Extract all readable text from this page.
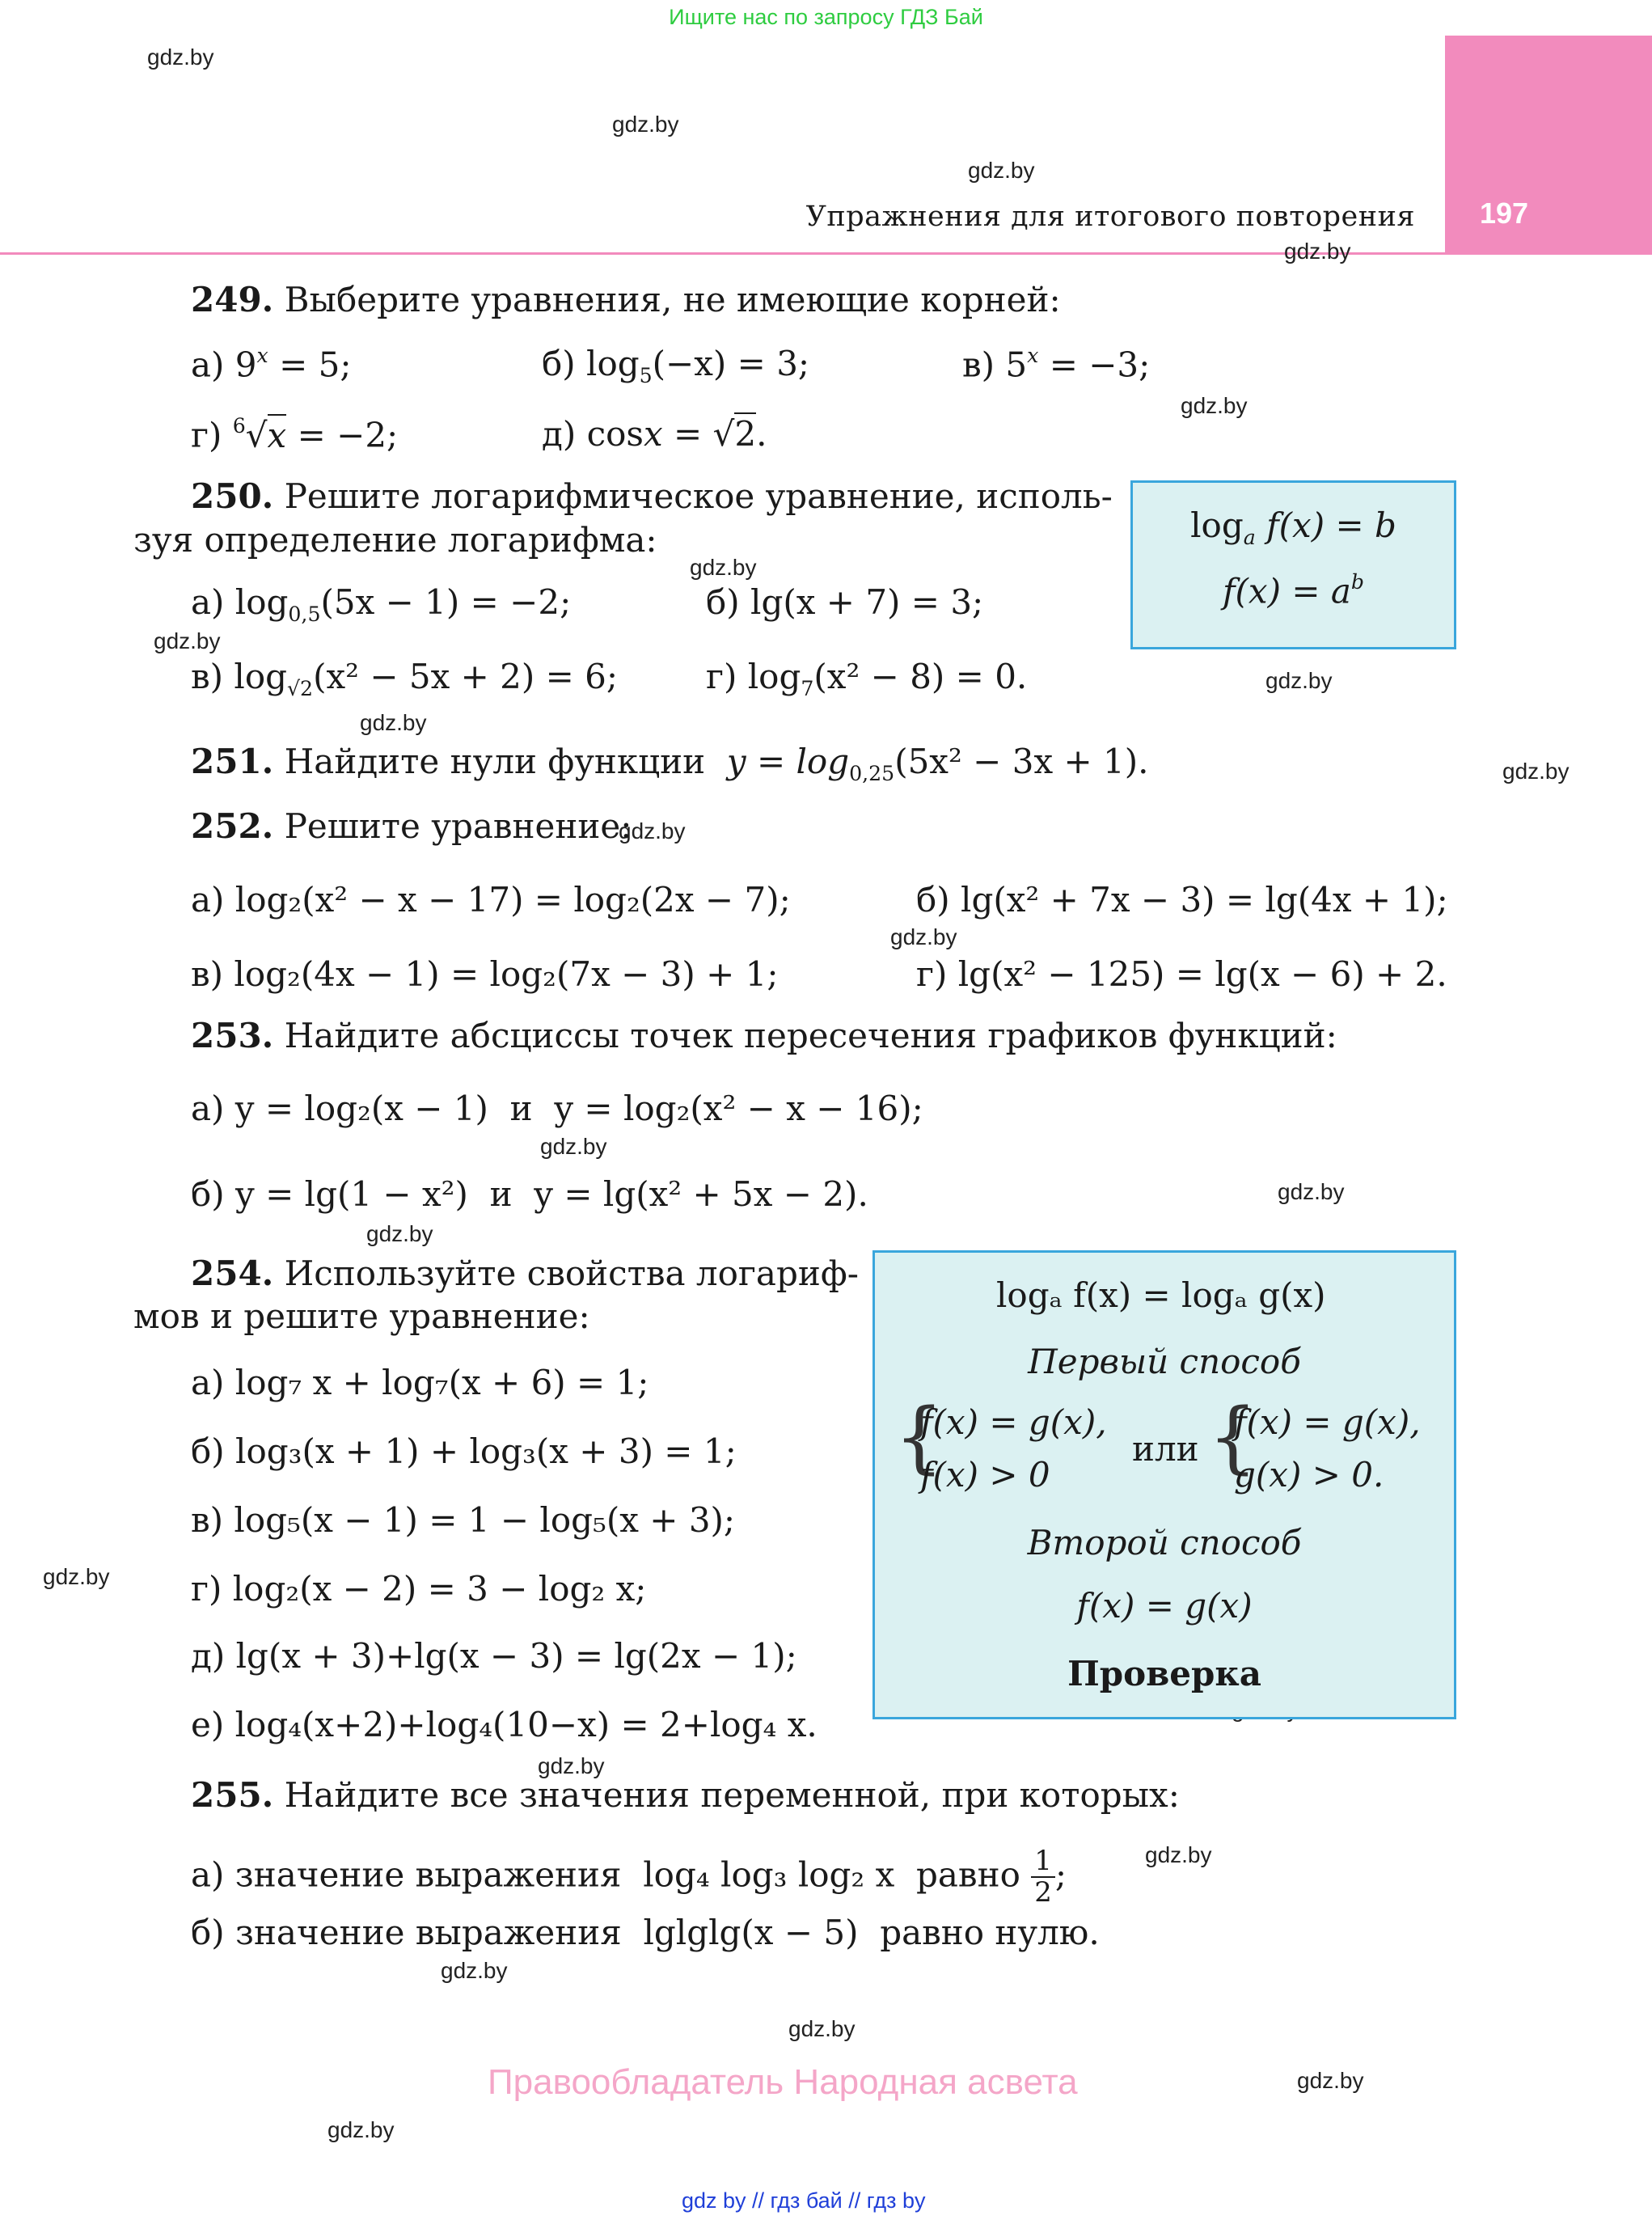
Ищите нас по запросу ГДЗ Бай
197
Упражнения для итогового повторения
gdz.by
gdz.by
gdz.by
gdz.by
gdz.by
gdz.by
gdz.by
gdz.by
gdz.by
gdz.by
gdz.by
gdz.by
gdz.by
gdz.by
gdz.by
gdz.by
gdz.by
gdz.by
gdz.by
gdz.by
gdz.by
gdz.by
249. Выберите уравнения, не имеющие корней:
а) $9^x = 5$;	б) $\log_5(-x) = 3$;	в) $5^x = -3$;
г) $^6$√x = −2;	д) cosx = √2.
250. Решите логарифмическое уравнение, исполь-
зуя определение логарифма:
а) $\log_{0,5}(5x - 1) = -2$;	б) lg(x + 7) = 3;
в) $\log_{√2}(x^2 - 5x + 2) = 6$;	г) $\log_7(x^2 - 8) = 0$.
$\log_a f(x) = b$
$f(x) = a^b$
251. Найдите нули функции $y = \log_{0,25}(5x^2 - 3x + 1)$.
252. Решите уравнение:
а) log₂(x² − x − 17) = log₂(2x − 7);	б) lg(x² + 7x − 3) = lg(4x + 1);
в) log₂(4x − 1) = log₂(7x − 3) + 1;	г) lg(x² − 125) = lg(x − 6) + 2.
253. Найдите абсциссы точек пересечения графиков функций:
а) y = log₂(x − 1) и y = log₂(x² − x − 16);
б) y = lg(1 − x²) и y = lg(x² + 5x − 2).
254. Используйте свойства логариф-
мов и решите уравнение:
а) log₇ x + log₇(x + 6) = 1;
б) log₃(x + 1) + log₃(x + 3) = 1;
в) log₅(x − 1) = 1 − log₅(x + 3);
г) log₂(x − 2) = 3 − log₂ x;
д) lg(x + 3)+lg(x − 3) = lg(2x − 1);
е) log₄(x+2)+log₄(10−x) = 2+log₄ x.
logₐ f(x) = logₐ g(x)
Первый способ
{
f(x) = g(x),
f(x) > 0
или {
f(x) = g(x),
g(x) > 0.
Второй способ
f(x) = g(x)
Проверка
255. Найдите все значения переменной, при которых:
а) значение выражения log₄ log₃ log₂ x равно $\frac{1}{2}$ ;
б) значение выражения lglglg(x − 5) равно нулю.
Правообладатель Народная асвета
gdz by // гдз бай // гдз by
